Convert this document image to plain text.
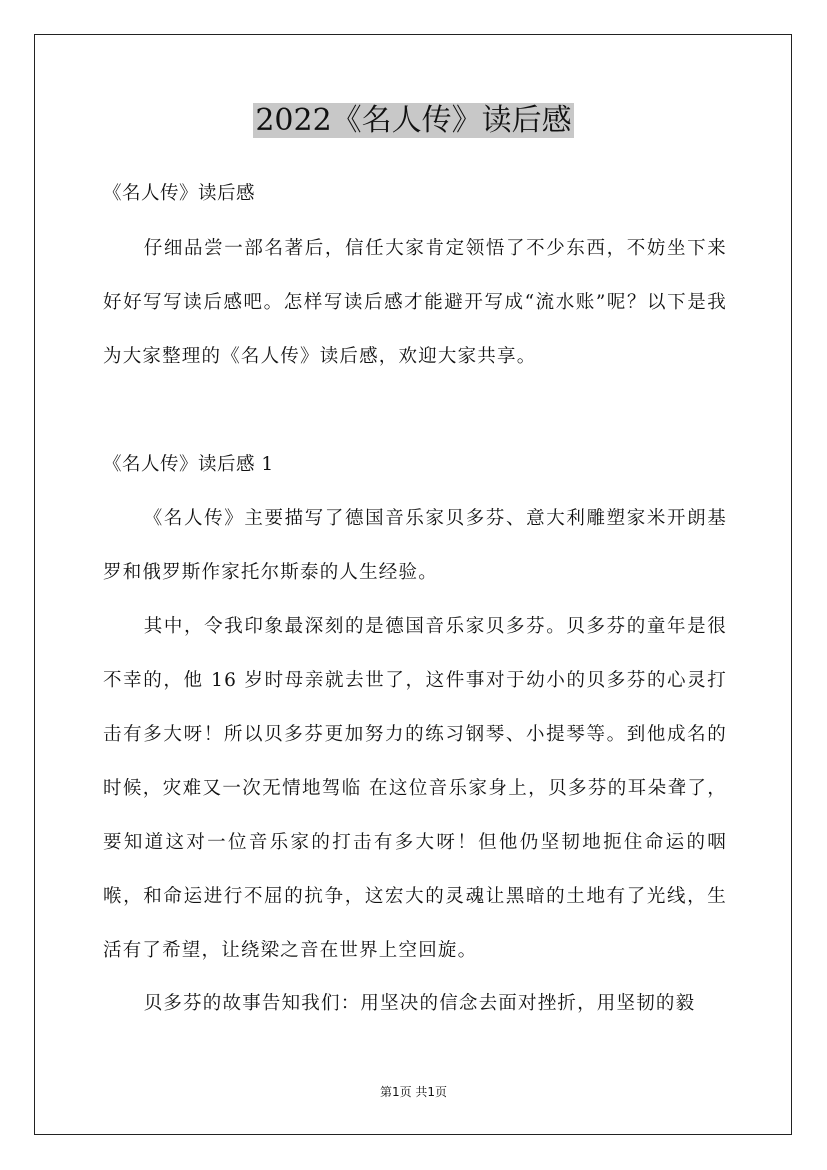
2022《名人传》读后感

《名人传》读后感

仔细品尝一部名著后，信任大家肯定领悟了不少东西，不妨坐下来好好写写读后感吧。怎样写读后感才能避开写成“流水账”呢？以下是我为大家整理的《名人传》读后感，欢迎大家共享。

《名人传》读后感 1

《名人传》主要描写了德国音乐家贝多芬、意大利雕塑家米开朗基罗和俄罗斯作家托尔斯泰的人生经验。

其中，令我印象最深刻的是德国音乐家贝多芬。贝多芬的童年是很不幸的，他 16 岁时母亲就去世了，这件事对于幼小的贝多芬的心灵打击有多大呀！所以贝多芬更加努力的练习钢琴、小提琴等。到他成名的时候，灾难又一次无情地驾临 在这位音乐家身上，贝多芬的耳朵聋了，要知道这对一位音乐家的打击有多大呀！但他仍坚韧地扼住命运的咽喉，和命运进行不屈的抗争，这宏大的灵魂让黑暗的土地有了光线，生活有了希望，让绕梁之音在世界上空回旋。

贝多芬的故事告知我们：用坚决的信念去面对挫折，用坚韧的毅

第1页 共1页
